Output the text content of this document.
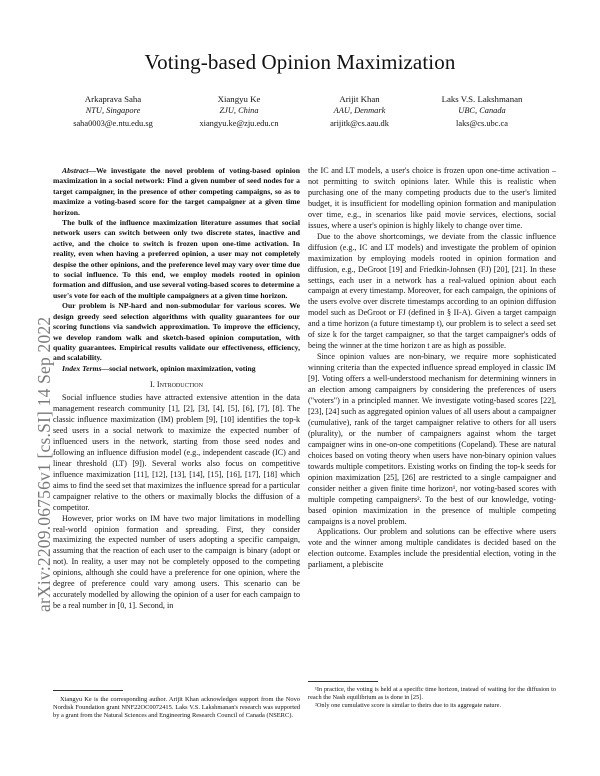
arXiv:2209.06756v1 [cs.SI] 14 Sep 2022
Voting-based Opinion Maximization
Arkaprava Saha
NTU, Singapore
saha0003@e.ntu.edu.sg
Xiangyu Ke
ZJU, China
xiangyu.ke@zju.edu.cn
Arijit Khan
AAU, Denmark
arijitk@cs.aau.dk
Laks V.S. Lakshmanan
UBC, Canada
laks@cs.ubc.ca

Abstract—We investigate the novel problem of voting-based opinion maximization in a social network: Find a given number of seed nodes for a target campaigner, in the presence of other competing campaigns, so as to maximize a voting-based score for the target campaigner at a given time horizon.

The bulk of the influence maximization literature assumes that social network users can switch between only two discrete states, inactive and active, and the choice to switch is frozen upon one-time activation. In reality, even when having a preferred opinion, a user may not completely despise the other opinions, and the preference level may vary over time due to social influence. To this end, we employ models rooted in opinion formation and diffusion, and use several voting-based scores to determine a user's vote for each of the multiple campaigners at a given time horizon.

Our problem is NP-hard and non-submodular for various scores. We design greedy seed selection algorithms with quality guarantees for our scoring functions via sandwich approximation. To improve the efficiency, we develop random walk and sketch-based opinion computation, with quality guarantees. Empirical results validate our effectiveness, efficiency, and scalability.

Index Terms—social network, opinion maximization, voting

I. Introduction

Social influence studies have attracted extensive attention in the data management research community [1], [2], [3], [4], [5], [6], [7], [8]. The classic influence maximization (IM) problem [9], [10] identifies the top-k seed users in a social network to maximize the expected number of influenced users in the network, starting from those seed nodes and following an influence diffusion model (e.g., independent cascade (IC) and linear threshold (LT) [9]). Several works also focus on competitive influence maximization [11], [12], [13], [14], [15], [16], [17], [18] which aims to find the seed set that maximizes the influence spread for a particular campaigner relative to the others or maximally blocks the diffusion of a competitor.

However, prior works on IM have two major limitations in modelling real-world opinion formation and spreading. First, they consider maximizing the expected number of users adopting a specific campaign, assuming that the reaction of each user to the campaign is binary (adopt or not). In reality, a user may not be completely opposed to the competing opinions, although she could have a preference for one opinion, where the degree of preference could vary among users. This scenario can be accurately modelled by allowing the opinion of a user for each campaign to be a real number in [0, 1]. Second, in

the IC and LT models, a user's choice is frozen upon one-time activation – not permitting to switch opinions later. While this is realistic when purchasing one of the many competing products due to the user's limited budget, it is insufficient for modelling opinion formation and manipulation over time, e.g., in scenarios like paid movie services, elections, social issues, where a user's opinion is highly likely to change over time.

Due to the above shortcomings, we deviate from the classic influence diffusion (e.g., IC and LT models) and investigate the problem of opinion maximization by employing models rooted in opinion formation and diffusion, e.g., DeGroot [19] and Friedkin-Johnsen (FJ) [20], [21]. In these settings, each user in a network has a real-valued opinion about each campaign at every timestamp. Moreover, for each campaign, the opinions of the users evolve over discrete timestamps according to an opinion diffusion model such as DeGroot or FJ (defined in § II-A). Given a target campaign and a time horizon (a future timestamp t), our problem is to select a seed set of size k for the target campaigner, so that the target campaigner's odds of being the winner at the time horizon t are as high as possible.

Since opinion values are non-binary, we require more sophisticated winning criteria than the expected influence spread employed in classic IM [9]. Voting offers a well-understood mechanism for determining winners in an election among campaigners by considering the preferences of users ("voters") in a principled manner. We investigate voting-based scores [22], [23], [24] such as aggregated opinion values of all users about a campaigner (cumulative), rank of the target campaigner relative to others for all users (plurality), or the number of campaigners against whom the target campaigner wins in one-on-one competitions (Copeland). These are natural choices based on voting theory when users have non-binary opinion values towards multiple competitors. Existing works on finding the top-k seeds for opinion maximization [25], [26] are restricted to a single campaigner and consider neither a given finite time horizon¹, nor voting-based scores with multiple competing campaigners². To the best of our knowledge, voting-based opinion maximization in the presence of multiple competing campaigns is a novel problem.

Applications. Our problem and solutions can be effective where users vote and the winner among multiple candidates is decided based on the election outcome. Examples include the presidential election, voting in the parliament, a plebiscite

Xiangyu Ke is the corresponding author. Arijit Khan acknowledges support from the Novo Nordisk Foundation grant NNF22OC0072415. Laks V.S. Lakshmanan's research was supported by a grant from the Natural Sciences and Engineering Research Council of Canada (NSERC).

¹In practice, the voting is held at a specific time horizon, instead of waiting for the diffusion to reach the Nash equilibrium as is done in [25].

²Only one cumulative score is similar to theirs due to its aggregate nature.
